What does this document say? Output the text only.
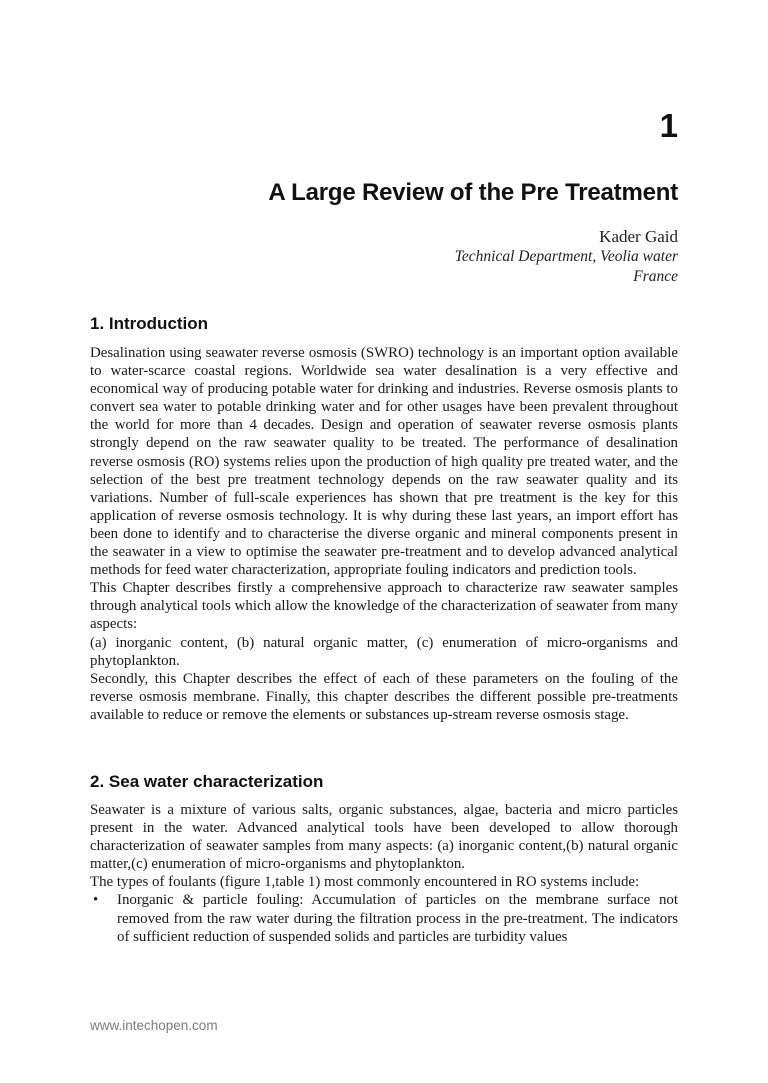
1
A Large Review of the Pre Treatment
Kader Gaid
Technical Department, Veolia water
France
1. Introduction

Desalination using seawater reverse osmosis (SWRO) technology is an important option available to water-scarce coastal regions. Worldwide sea water desalination is a very effective and economical way of producing potable water for drinking and industries. Reverse osmosis plants to convert sea water to potable drinking water and for other usages have been prevalent throughout the world for more than 4 decades. Design and operation of seawater reverse osmosis plants strongly depend on the raw seawater quality to be treated. The performance of desalination reverse osmosis (RO) systems relies upon the production of high quality pre treated water, and the selection of the best pre treatment technology depends on the raw seawater quality and its variations. Number of full-scale experiences has shown that pre treatment is the key for this application of reverse osmosis technology. It is why during these last years, an import effort has been done to identify and to characterise the diverse organic and mineral components present in the seawater in a view to optimise the seawater pre-treatment and to develop advanced analytical methods for feed water characterization, appropriate fouling indicators and prediction tools.

This Chapter describes firstly a comprehensive approach to characterize raw seawater samples through analytical tools which allow the knowledge of the characterization of seawater from many aspects:

(a) inorganic content, (b) natural organic matter, (c) enumeration of micro-organisms and phytoplankton.

Secondly, this Chapter describes the effect of each of these parameters on the fouling of the reverse osmosis membrane. Finally, this chapter describes the different possible pre-treatments available to reduce or remove the elements or substances up-stream reverse osmosis stage.

2. Sea water characterization

Seawater is a mixture of various salts, organic substances, algae, bacteria and micro particles present in the water. Advanced analytical tools have been developed to allow thorough characterization of seawater samples from many aspects: (a) inorganic content,(b) natural organic matter,(c) enumeration of micro-organisms and phytoplankton.

The types of foulants (figure 1,table 1) most commonly encountered in RO systems include:

•	Inorganic & particle fouling: Accumulation of particles on the membrane surface not removed from the raw water during the filtration process in the pre-treatment. The indicators of sufficient reduction of suspended solids and particles are turbidity values
www.intechopen.com
